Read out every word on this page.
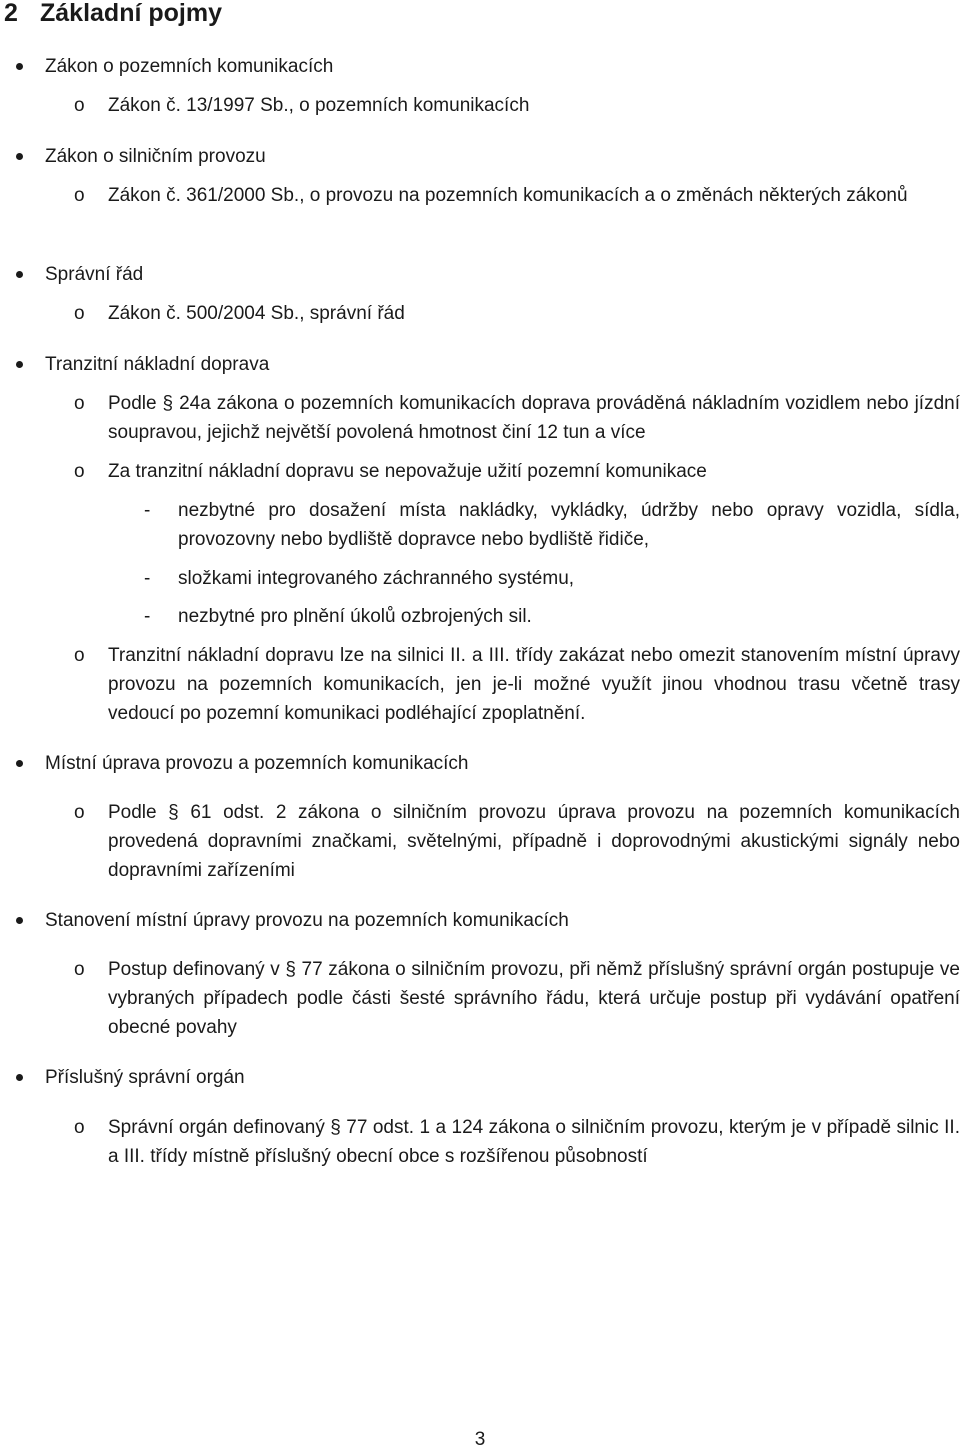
2 Základní pojmy
Zákon o pozemních komunikacích
o Zákon č. 13/1997 Sb., o pozemních komunikacích
Zákon o silničním provozu
o Zákon č. 361/2000 Sb., o provozu na pozemních komunikacích a o změnách některých zákonů
Správní řád
o Zákon č. 500/2004 Sb., správní řád
Tranzitní nákladní doprava
o Podle § 24a zákona o pozemních komunikacích doprava prováděná nákladním vozidlem nebo jízdní soupravou, jejichž největší povolená hmotnost činí 12 tun a více
o Za tranzitní nákladní dopravu se nepovažuje užití pozemní komunikace
- nezbytné pro dosažení místa nakládky, vykládky, údržby nebo opravy vozidla, sídla, provozovny nebo bydliště dopravce nebo bydliště řidiče,
- složkami integrovaného záchranného systému,
- nezbytné pro plnění úkolů ozbrojených sil.
o Tranzitní nákladní dopravu lze na silnici II. a III. třídy zakázat nebo omezit stanovením místní úpravy provozu na pozemních komunikacích, jen je-li možné využít jinou vhodnou trasu včetně trasy vedoucí po pozemní komunikaci podléhající zpoplatnění.
Místní úprava provozu a pozemních komunikacích
o Podle § 61 odst. 2 zákona o silničním provozu úprava provozu na pozemních komunikacích provedená dopravními značkami, světelnými, případně i doprovodnými akustickými signály nebo dopravními zařízeními
Stanovení místní úpravy provozu na pozemních komunikacích
o Postup definovaný v § 77 zákona o silničním provozu, při němž příslušný správní orgán postupuje ve vybraných případech podle části šesté správního řádu, která určuje postup při vydávání opatření obecné povahy
Příslušný správní orgán
o Správní orgán definovaný § 77 odst. 1 a 124 zákona o silničním provozu, kterým je v případě silnic II. a III. třídy místně příslušný obecní obce s rozšířenou působností
3
